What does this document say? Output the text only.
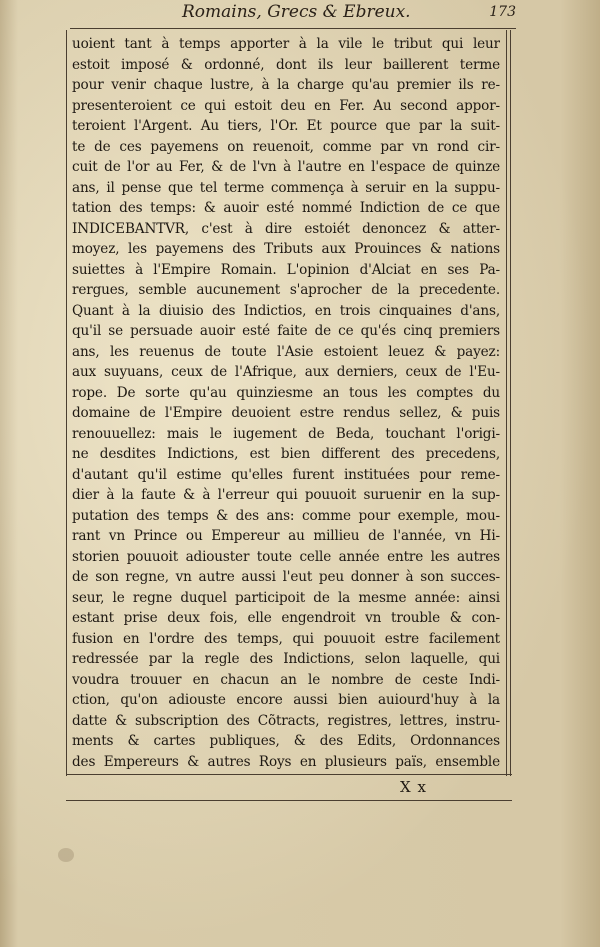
Romains, Grecs & Ebreux.	173
uoient tant à temps apporter à la vile le tribut qui leur
estoit imposé & ordonné, dont ils leur baillerent terme
pour venir chaque lustre, à la charge qu'au premier ils re-
presenteroient ce qui estoit deu en Fer. Au second appor-
teroient l'Argent. Au tiers, l'Or. Et pource que par la suit-
te de ces payemens on reuenoit, comme par vn rond cir-
cuit de l'or au Fer, & de l'vn à l'autre en l'espace de quinze
ans, il pense que tel terme commença à seruir en la suppu-
tation des temps: & auoir esté nommé Indiction de ce que
INDICEBANTVR, c'est à dire estoiét denoncez & atter-
moyez, les payemens des Tributs aux Prouinces & nations
suiettes à l'Empire Romain. L'opinion d'Alciat en ses Pa-
rergues, semble aucunement s'aprocher de la precedente.
Quant à la diuisio des Indictios, en trois cinquaines d'ans,
qu'il se persuade auoir esté faite de ce qu'és cinq premiers
ans, les reuenus de toute l'Asie estoient leuez & payez:
aux suyuans, ceux de l'Afrique, aux derniers, ceux de l'Eu-
rope. De sorte qu'au quinziesme an tous les comptes du
domaine de l'Empire deuoient estre rendus sellez, & puis
renouuellez: mais le iugement de Beda, touchant l'origi-
ne desdites Indictions, est bien different des precedens,
d'autant qu'il estime qu'elles furent instituées pour reme-
dier à la faute & à l'erreur qui pouuoit suruenir en la sup-
putation des temps & des ans: comme pour exemple, mou-
rant vn Prince ou Empereur au millieu de l'année, vn Hi-
storien pouuoit adiouster toute celle année entre les autres
de son regne, vn autre aussi l'eut peu donner à son succes-
seur, le regne duquel participoit de la mesme année: ainsi
estant prise deux fois, elle engendroit vn trouble & con-
fusion en l'ordre des temps, qui pouuoit estre facilement
redressée par la regle des Indictions, selon laquelle, qui
voudra trouuer en chacun an le nombre de ceste Indi-
ction, qu'on adiouste encore aussi bien auiourd'huy à la
datte & subscription des Cõtracts, registres, lettres, instru-
ments & cartes publiques, & des Edits, Ordonnances
des Empereurs & autres Roys en plusieurs païs, ensemble
X x
